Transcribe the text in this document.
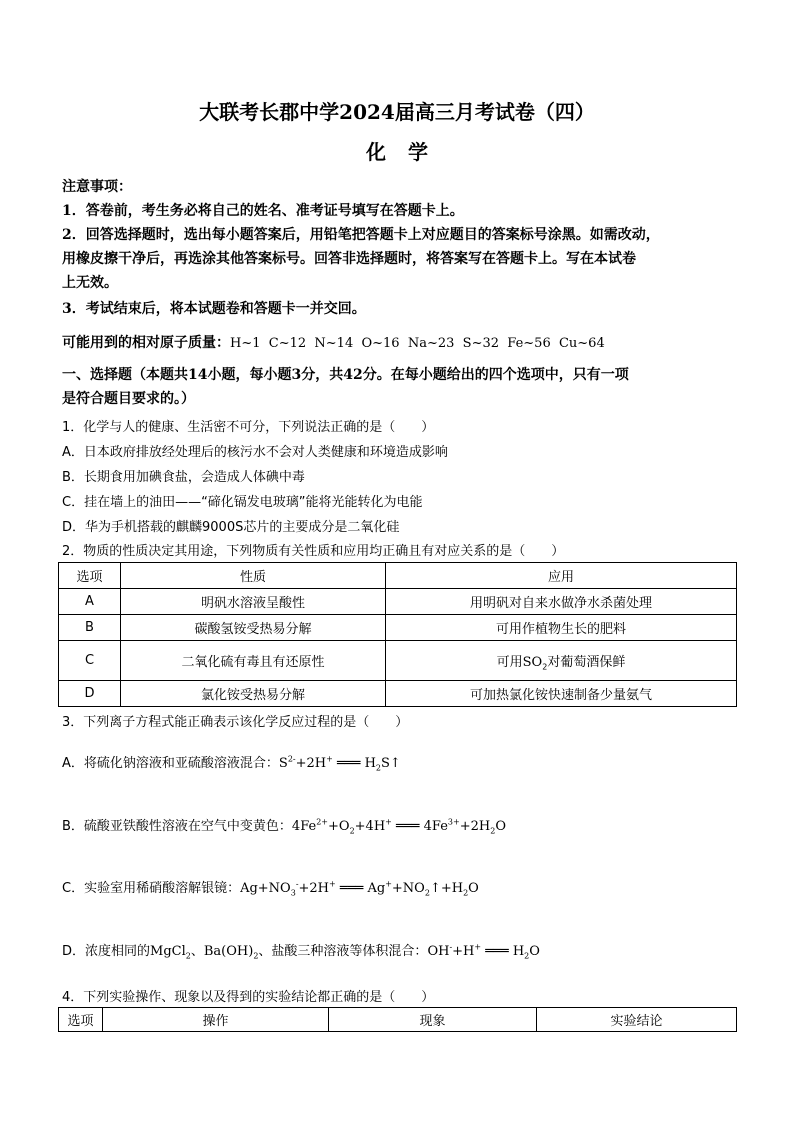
大联考长郡中学2024届高三月考试卷（四）
化学
注意事项：
1．答卷前，考生务必将自己的姓名、准考证号填写在答题卡上。
2．回答选择题时，选出每小题答案后，用铅笔把答题卡上对应题目的答案标号涂黑。如需改动，
用橡皮擦干净后，再选涂其他答案标号。回答非选择题时，将答案写在答题卡上。写在本试卷
上无效。
3．考试结束后，将本试题卷和答题卡一并交回。
可能用到的相对原子质量：H~1  C~12  N~14  O~16  Na~23  S~32  Fe~56  Cu~64
一、选择题（本题共14小题，每小题3分，共42分。在每小题给出的四个选项中，只有一项
是符合题目要求的。）
1．化学与人的健康、生活密不可分，下列说法正确的是（　　）
A．日本政府排放经处理后的核污水不会对人类健康和环境造成影响
B．长期食用加碘食盐，会造成人体碘中毒
C．挂在墙上的油田——“碲化镉发电玻璃”能将光能转化为电能
D．华为手机搭载的麒麟9000S芯片的主要成分是二氧化硅
2．物质的性质决定其用途，下列物质有关性质和应用均正确且有对应关系的是（　　）
选项	性质	应用
A	明矾水溶液呈酸性	用明矾对自来水做净水杀菌处理
B	碳酸氢铵受热易分解	可用作植物生长的肥料
C	二氧化硫有毒且有还原性	可用$SO_2$对葡萄酒保鲜
D	氯化铵受热易分解	可加热氯化铵快速制备少量氨气
3．下列离子方程式能正确表示该化学反应过程的是（　　）
A．将硫化钠溶液和亚硫酸溶液混合：$S^{2-}+2H^+$ ═══ $H_2S↑$
B．硫酸亚铁酸性溶液在空气中变黄色：$4Fe^{2+}+O_2+4H^+$ ═══ $4Fe^{3+}+2H_2O$
C．实验室用稀硝酸溶解银镜：$Ag+NO_3^-+2H^+$ ═══ $Ag^++NO_2↑+H_2O$
D．浓度相同的MgCl$_2$、$Ba(OH)_2$、盐酸三种溶液等体积混合：OH-+H+ ═══ $H_2O$
4．下列实验操作、现象以及得到的实验结论都正确的是（　　）
选项	操作	现象	实验结论
